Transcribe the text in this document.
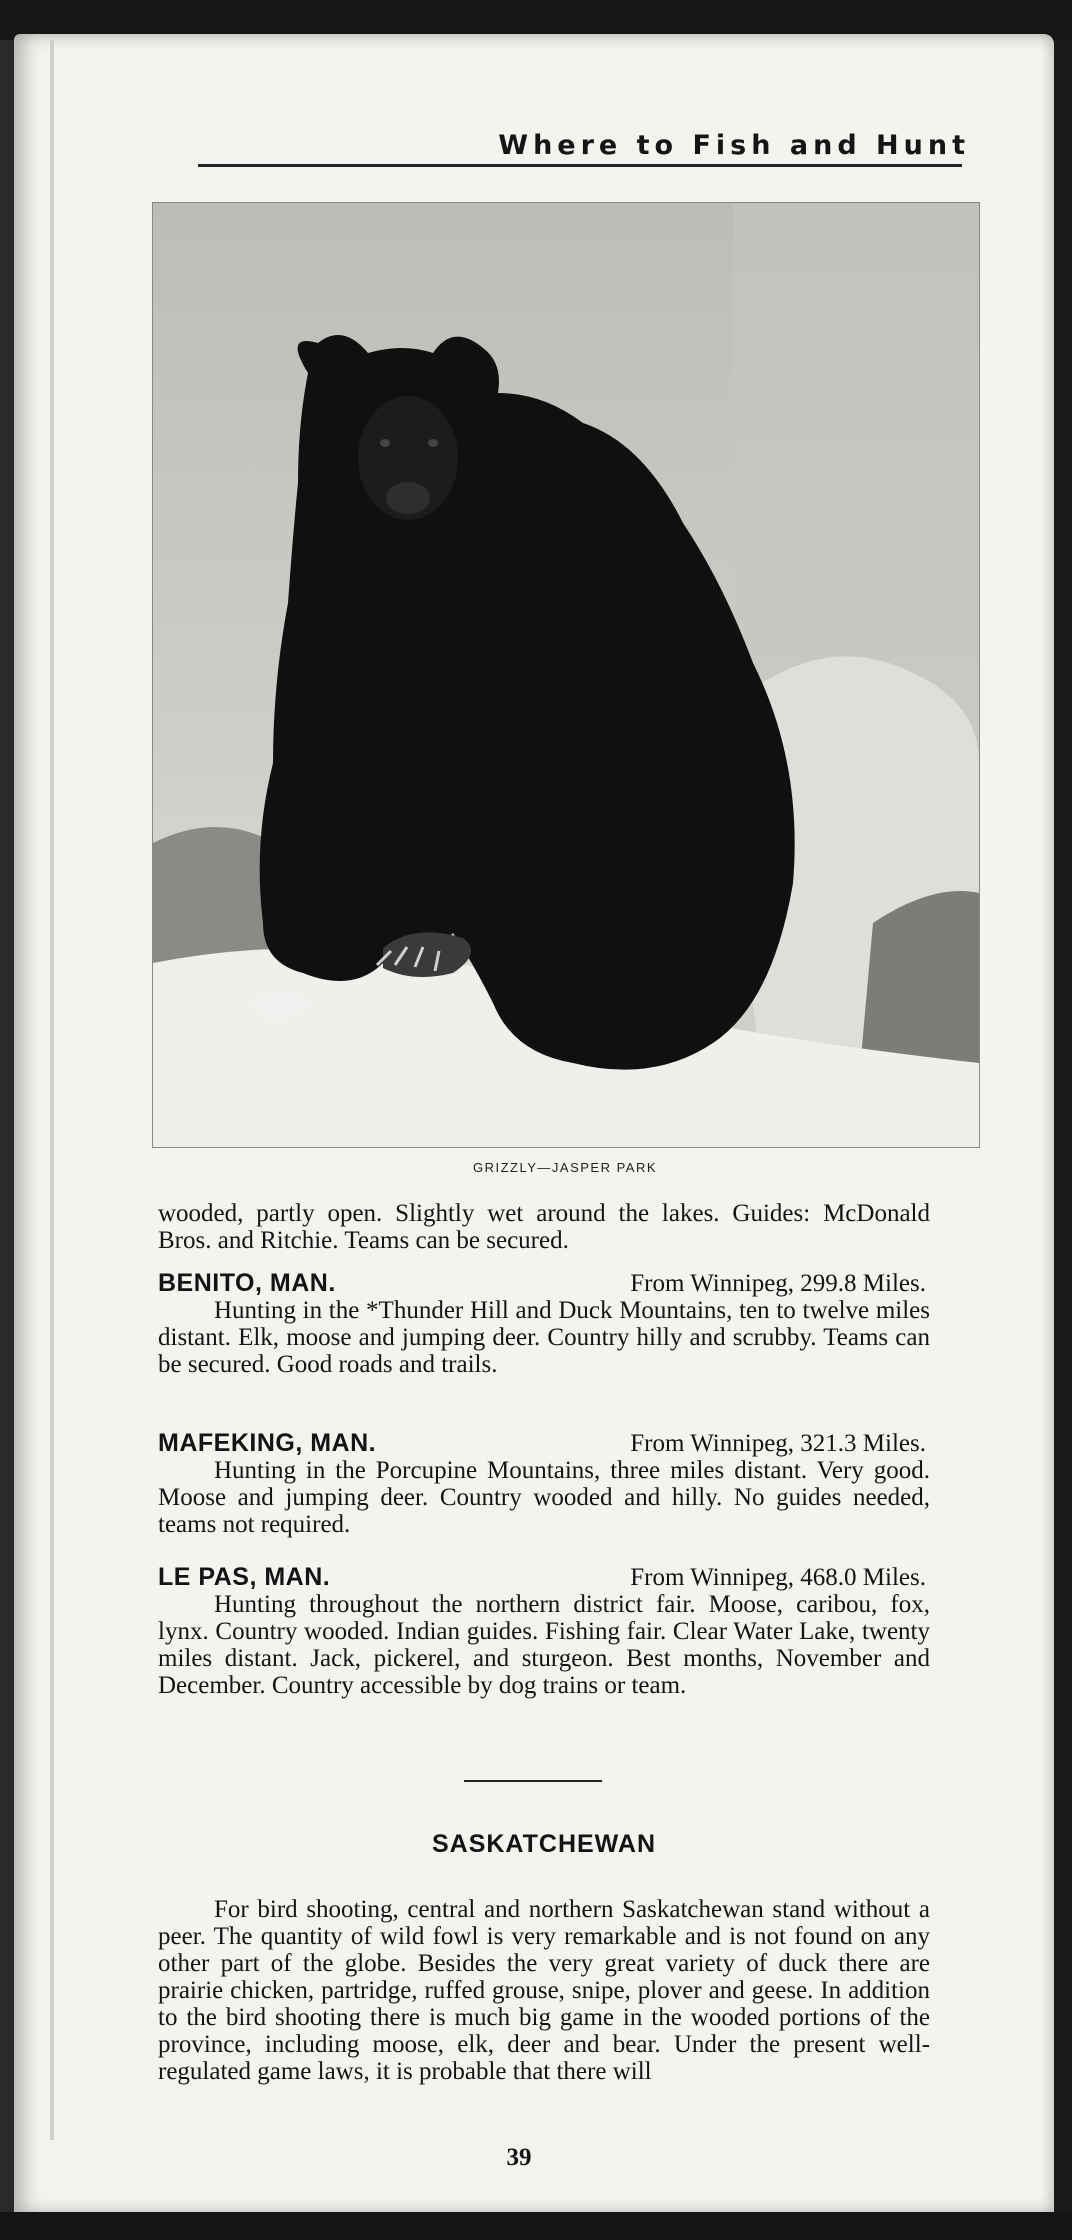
Where to Fish and Hunt
GRIZZLY—JASPER PARK
wooded, partly open. Slightly wet around the lakes. Guides: McDonald Bros. and Ritchie. Teams can be secured.
BENITO, MAN.	From Winnipeg, 299.8 Miles.
Hunting in the *Thunder Hill and Duck Mountains, ten to twelve miles distant. Elk, moose and jumping deer. Country hilly and scrubby. Teams can be secured. Good roads and trails.
MAFEKING, MAN.	From Winnipeg, 321.3 Miles.
Hunting in the Porcupine Mountains, three miles distant. Very good. Moose and jumping deer. Country wooded and hilly. No guides needed, teams not required.
LE PAS, MAN.	From Winnipeg, 468.0 Miles.
Hunting throughout the northern district fair. Moose, caribou, fox, lynx. Country wooded. Indian guides. Fishing fair. Clear Water Lake, twenty miles distant. Jack, pickerel, and sturgeon. Best months, November and December. Country accessible by dog trains or team.
SASKATCHEWAN
For bird shooting, central and northern Saskatchewan stand without a peer. The quantity of wild fowl is very remarkable and is not found on any other part of the globe. Besides the very great variety of duck there are prairie chicken, partridge, ruffed grouse, snipe, plover and geese. In addition to the bird shooting there is much big game in the wooded portions of the province, including moose, elk, deer and bear. Under the present well-regulated game laws, it is probable that there will
39
